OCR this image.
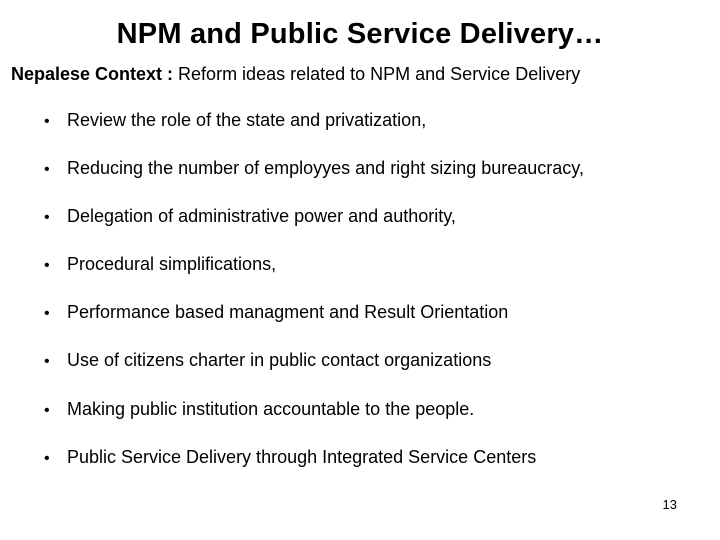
NPM and Public Service Delivery…
Nepalese Context : Reform ideas related to NPM and Service Delivery
• Review the role of the state and privatization,
• Reducing the number of employyes and right sizing bureaucracy,
• Delegation of administrative power and authority,
• Procedural simplifications,
• Performance based managment and Result Orientation
• Use of citizens charter in public contact organizations
• Making public institution accountable to the people.
• Public Service Delivery through Integrated Service Centers
13
